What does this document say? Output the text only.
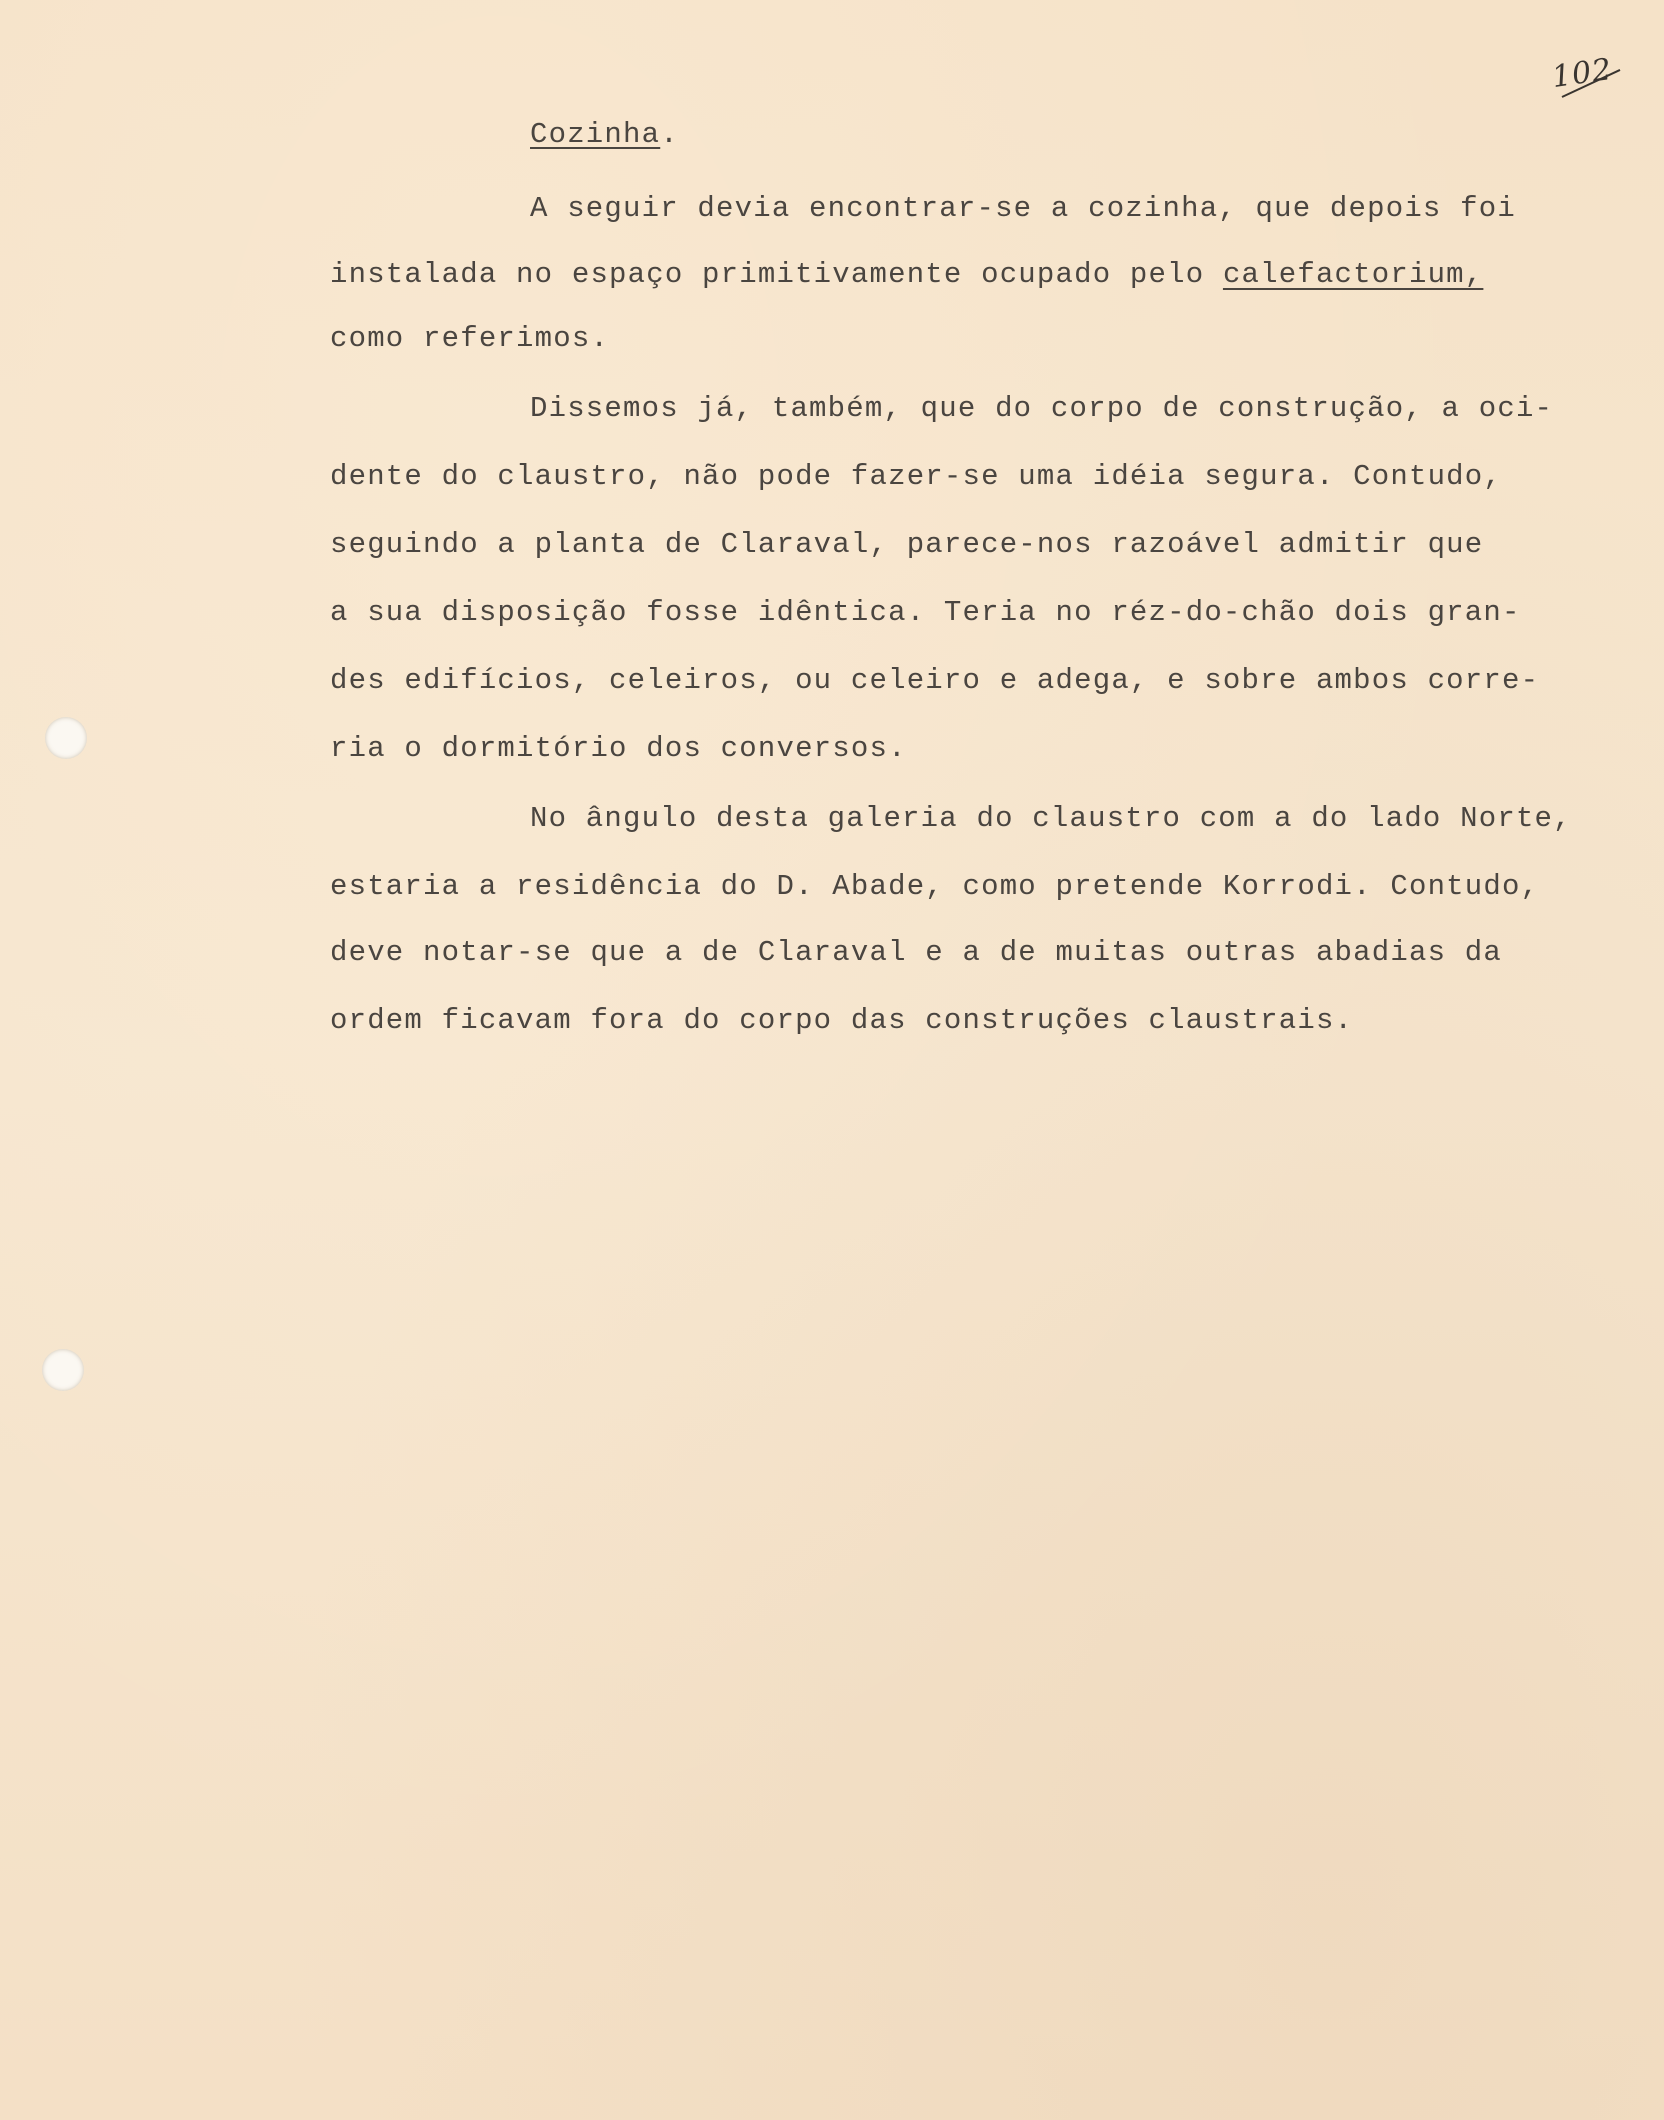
102
Cozinha.
A seguir devia encontrar-se a cozinha, que depois foi
instalada no espaço primitivamente ocupado pelo calefactorium,
como referimos.
Dissemos já, também, que do corpo de construção, a oci-
dente do claustro, não pode fazer-se uma idéia segura. Contudo,
seguindo a planta de Claraval, parece-nos razoável admitir que
a sua disposição fosse idêntica. Teria no réz-do-chão dois gran-
des edifícios, celeiros, ou celeiro e adega, e sobre ambos corre-
ria o dormitório dos conversos.
No ângulo desta galeria do claustro com a do lado Norte,
estaria a residência do D. Abade, como pretende Korrodi. Contudo,
deve notar-se que a de Claraval e a de muitas outras abadias da
ordem ficavam fora do corpo das construções claustrais.
